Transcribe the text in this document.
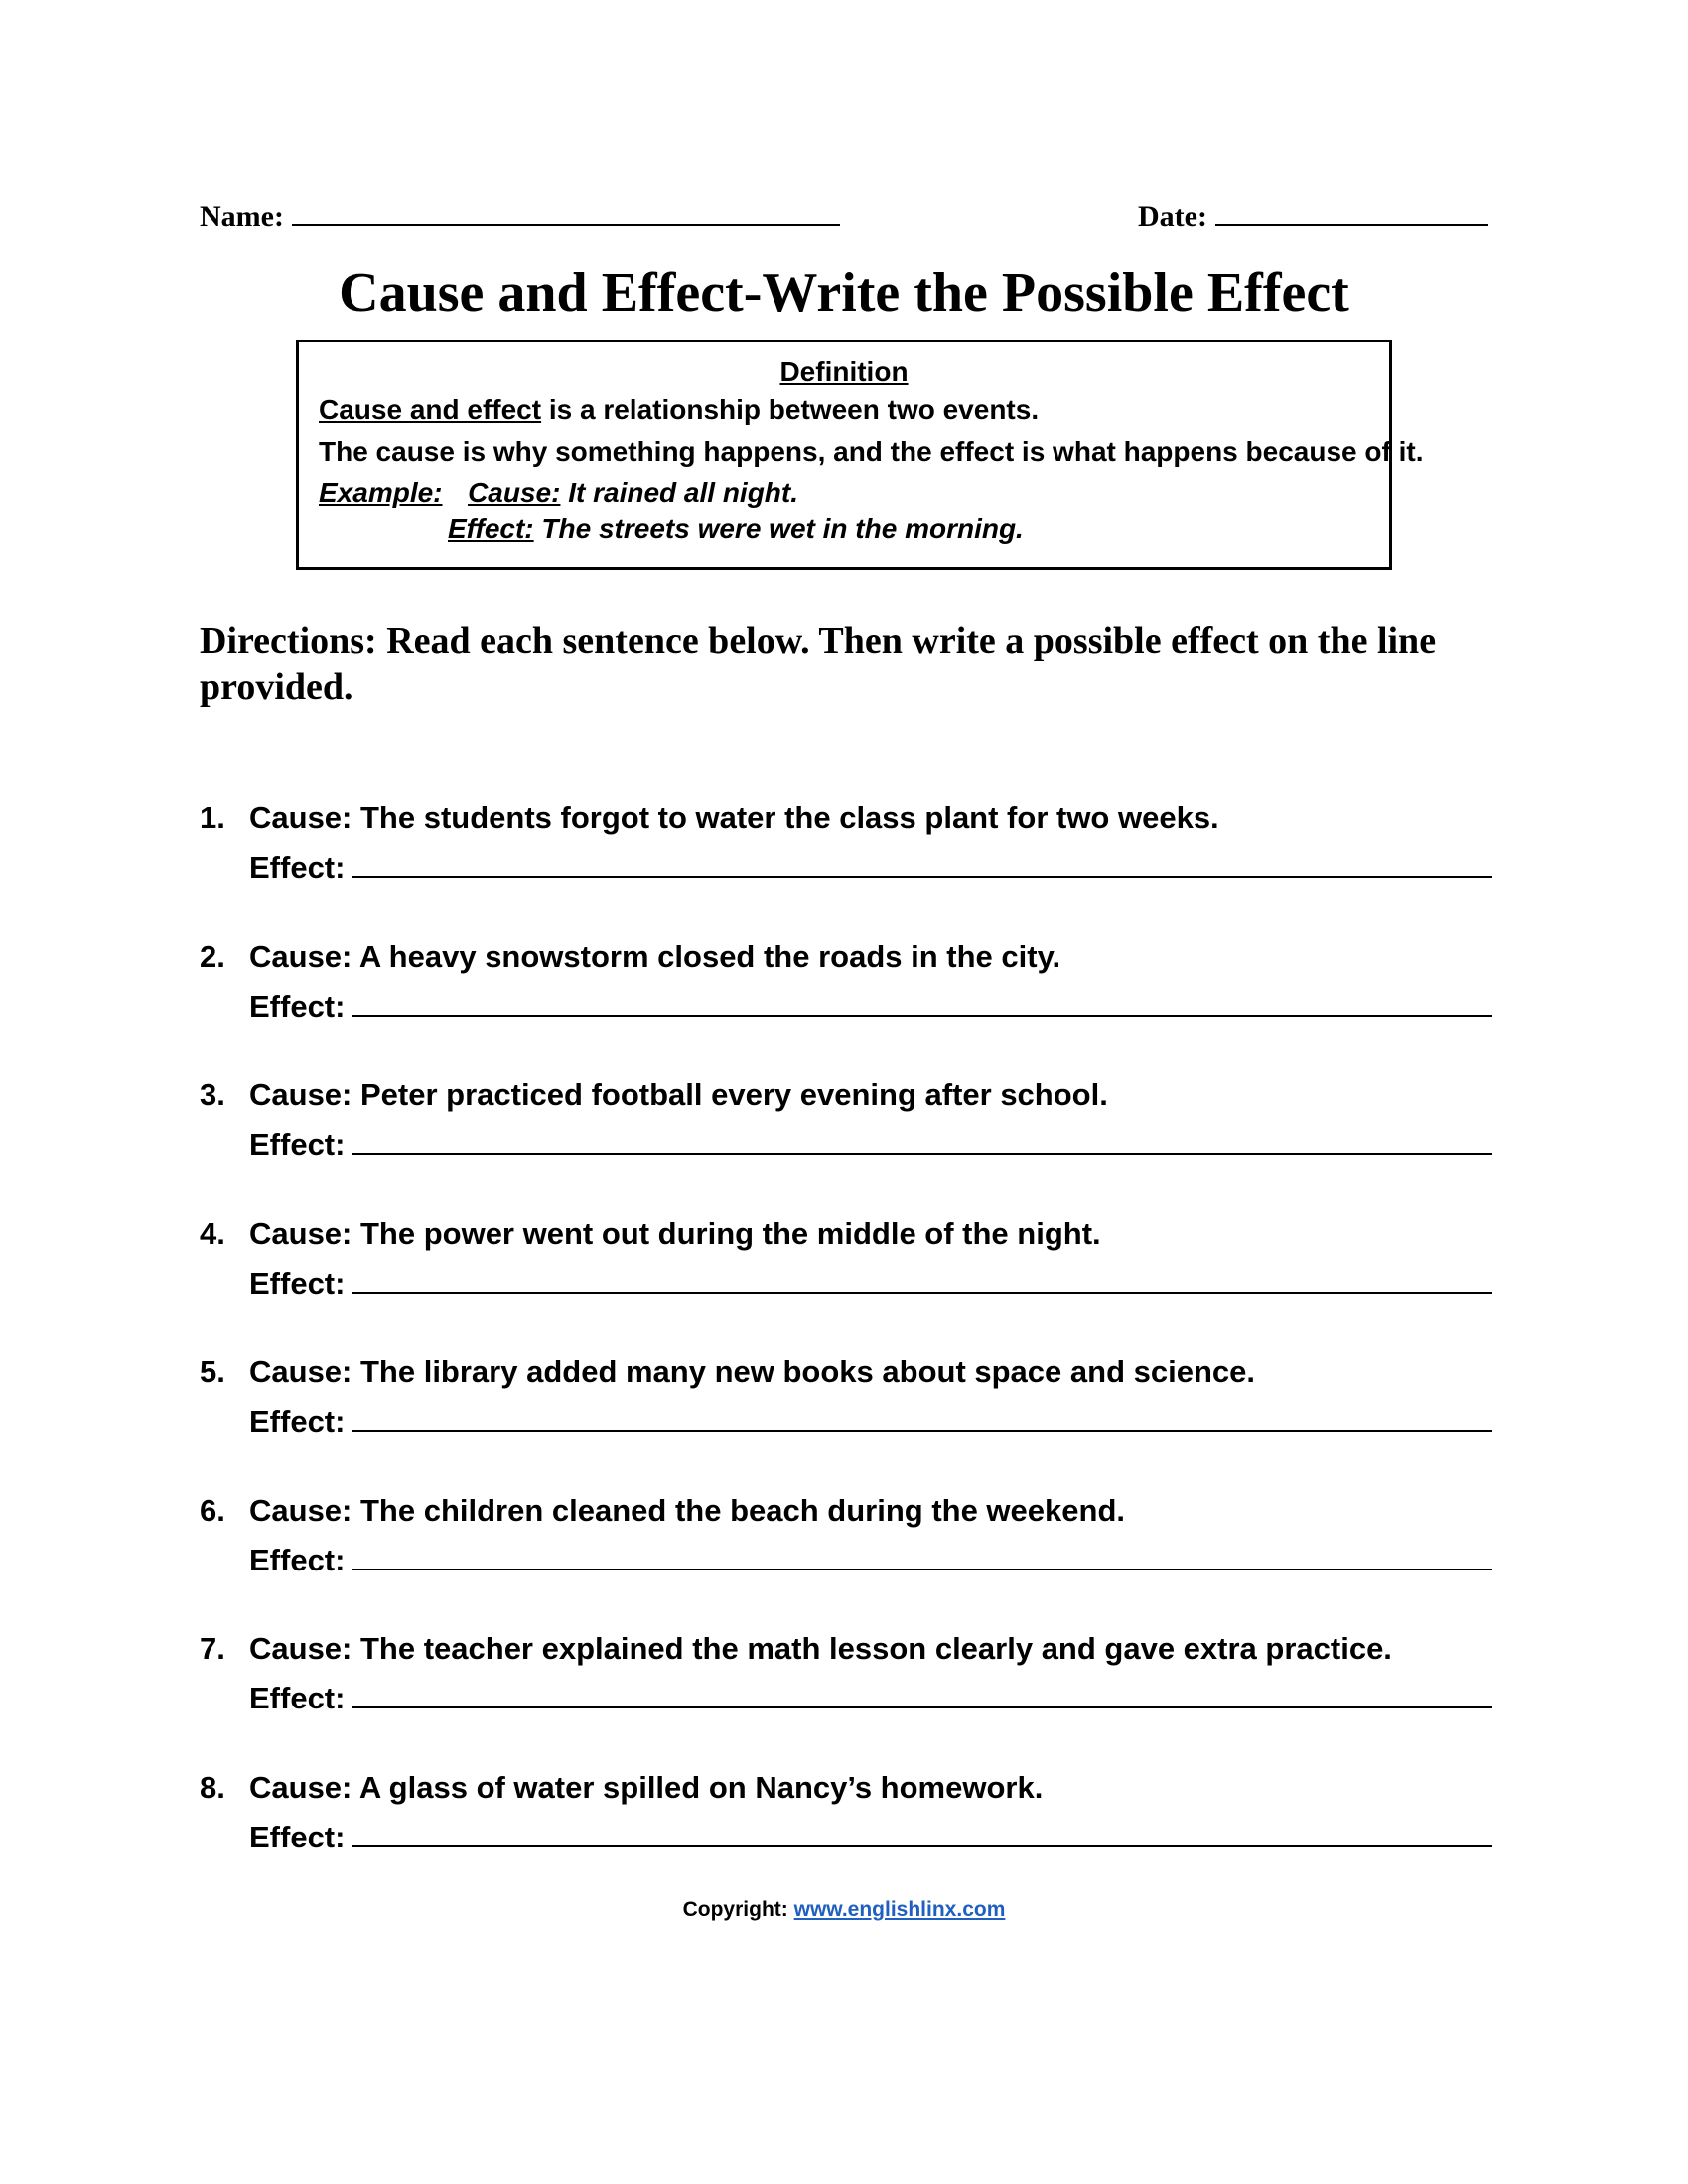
Name:	Date:
Cause and Effect-Write the Possible Effect
Definition
Cause and effect is a relationship between two events.
The cause is why something happens, and the effect is what happens because of it.
Example: Cause: It rained all night.
Effect: The streets were wet in the morning.
Directions: Read each sentence below. Then write a possible effect on the line provided.
1. Cause: The students forgot to water the class plant for two weeks.
Effect:
2. Cause: A heavy snowstorm closed the roads in the city.
Effect:
3. Cause: Peter practiced football every evening after school.
Effect:
4. Cause: The power went out during the middle of the night.
Effect:
5. Cause: The library added many new books about space and science.
Effect:
6. Cause: The children cleaned the beach during the weekend.
Effect:
7. Cause: The teacher explained the math lesson clearly and gave extra practice.
Effect:
8. Cause: A glass of water spilled on Nancy’s homework.
Effect:
Copyright: www.englishlinx.com
